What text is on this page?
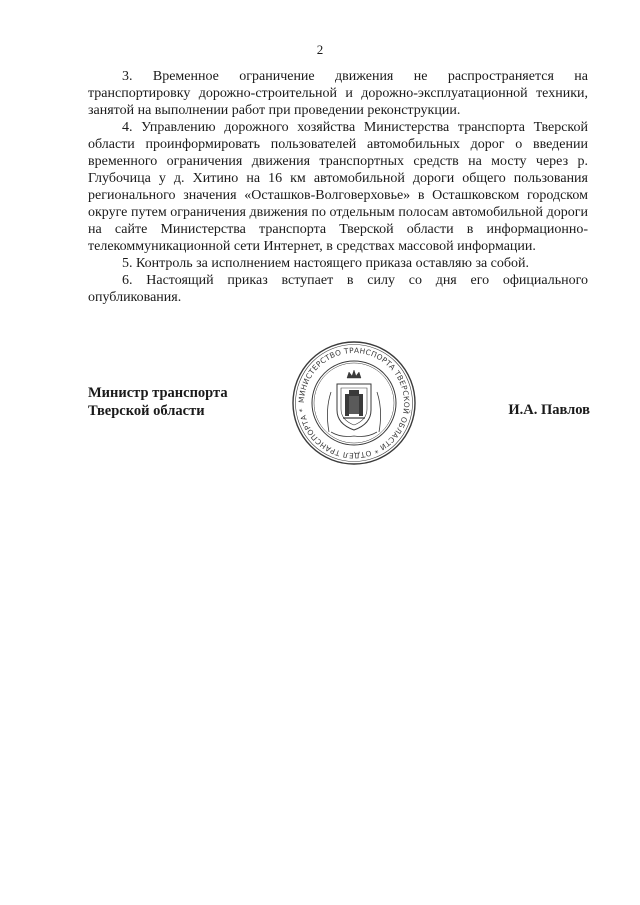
2

3. Временное ограничение движения не распространяется на транспортировку дорожно-строительной и дорожно-эксплуатационной техники, занятой на выполнении работ при проведении реконструкции.

4. Управлению дорожного хозяйства Министерства транспорта Тверской области проинформировать пользователей автомобильных дорог о введении временного ограничения движения транспортных средств на мосту через р. Глубочица у д. Хитино на 16 км автомобильной дороги общего пользования регионального значения «Осташков-Волговерховье» в Осташковском городском округе путем ограничения движения по отдельным полосам автомобильной дороги на сайте Министерства транспорта Тверской области в информационно-телекоммуникационной сети Интернет, в средствах массовой информации.

5. Контроль за исполнением настоящего приказа оставляю за собой.

6. Настоящий приказ вступает в силу со дня его официального опубликования.

Министр транспорта
Тверской области	И.А. Павлов
МИНИСТЕРСТВО ТРАНСПОРТА ТВЕРСКОЙ ОБЛАСТИ * ОТДЕЛ ТРАНСПОРТА *
